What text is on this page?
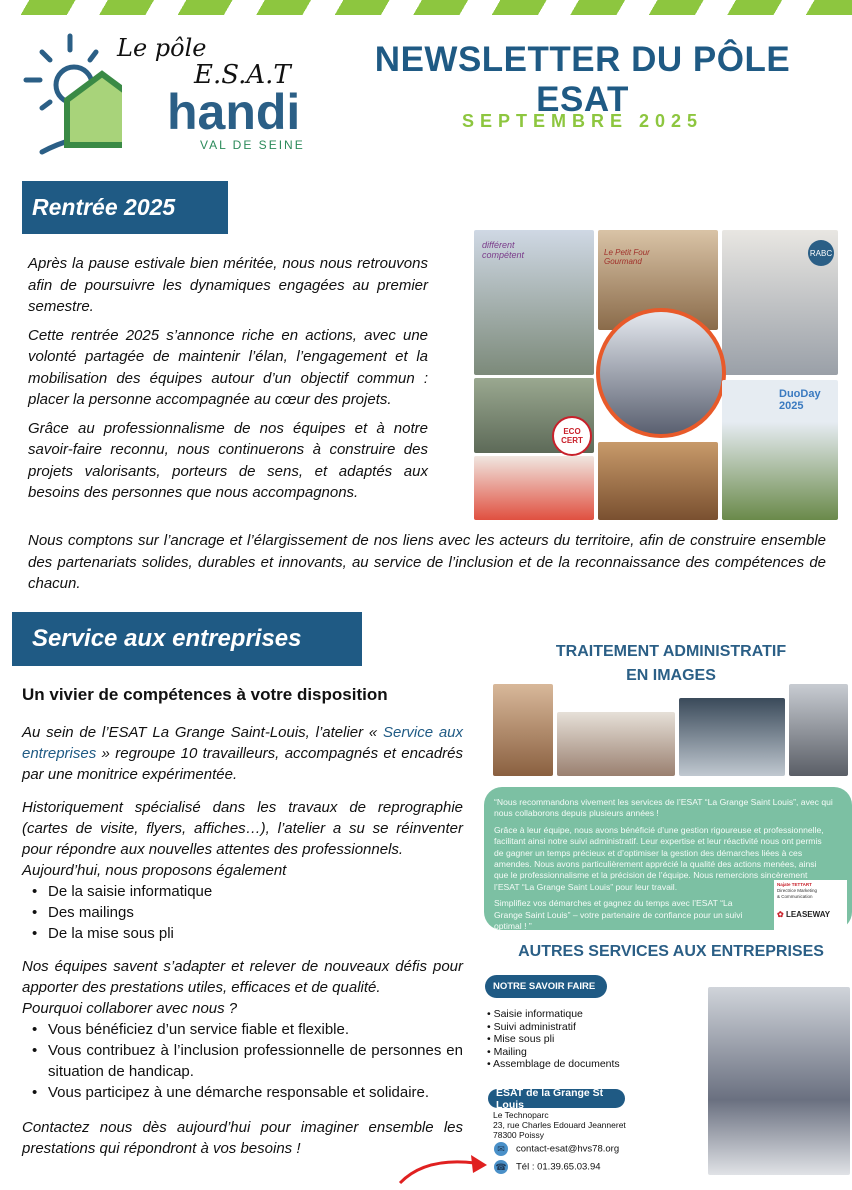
Le pôle
E.S.A.T
handi
VAL DE SEINE
NEWSLETTER DU PÔLE ESAT
SEPTEMBRE 2025
Rentrée 2025

Après la pause estivale bien méritée, nous nous retrouvons afin de poursuivre les dynamiques engagées au premier semestre.

Cette rentrée 2025 s’annonce riche en actions, avec une volonté partagée de maintenir l’élan, l’engagement et la mobilisation des équipes autour d’un objectif commun : placer la personne accompagnée au cœur des projets.

Grâce au professionnalisme de nos équipes et à notre savoir-faire reconnu, nous continuerons à construire des projets valorisants, porteurs de sens, et adaptés aux besoins des personnes que nous accompagnons.

différent compétent	Le Petit Four Gourmand
RABC
ECO CERT
DuoDay 2025
Nous comptons sur l’ancrage et l’élargissement de nos liens avec les acteurs du territoire, afin de construire ensemble des partenariats solides, durables et innovants, au service de l’inclusion et de la reconnaissance des compétences de chacun.
Service aux entreprises
Un vivier de compétences à votre disposition

Au sein de l’ESAT La Grange Saint-Louis, l’atelier « Service aux entreprises » regroupe 10 travailleurs, accompagnés et encadrés par une monitrice expérimentée.

Historiquement spécialisé dans les travaux de reprographie (cartes de visite, flyers, affiches…), l’atelier a su se réinventer pour répondre aux nouvelles attentes des professionnels.

Aujourd’hui, nous proposons également

• De la saisie informatique
• Des mailings
• De la mise sous pli

Nos équipes savent s’adapter et relever de nouveaux défis pour apporter des prestations utiles, efficaces et de qualité.

Pourquoi collaborer avec nous ?

• Vous bénéficiez d’un service fiable et flexible.
• Vous contribuez à l’inclusion professionnelle de personnes en situation de handicap.
• Vous participez à une démarche responsable et solidaire.

Contactez nous dès aujourd’hui pour imaginer ensemble les prestations qui répondront à vos besoins !

TRAITEMENT ADMINISTRATIF
EN IMAGES

“Nous recommandons vivement les services de l’ESAT “La Grange Saint Louis”, avec qui nous collaborons depuis plusieurs années !

Grâce à leur équipe, nous avons bénéficié d’une gestion rigoureuse et professionnelle, facilitant ainsi notre suivi administratif. Leur expertise et leur réactivité nous ont permis de gagner un temps précieux et d’optimiser la gestion des démarches liées à ces amendes. Nous avons particulièrement apprécié la qualité des actions menées, ainsi que le professionnalisme et la précision de l’équipe. Nous remercions sincèrement l’ESAT “La Grange Saint Louis” pour leur travail.

Simplifiez vos démarches et gagnez du temps avec l’ESAT “La Grange Saint Louis” – votre partenaire de confiance pour un suivi optimal ! ”

Najate TETTART
Directrice Marketing
& Communication
✿ LEASEWAY
AUTRES SERVICES AUX ENTREPRISES
NOTRE SAVOIR FAIRE
• Saisie informatique
• Suivi administratif
• Mise sous pli
• Mailing
• Assemblage de documents
ESAT de la Grange St Louis
Le Technoparc
23, rue Charles Edouard Jeanneret
78300 Poissy
✉ contact-esat@hvs78.org
☎ Tél : 01.39.65.03.94
